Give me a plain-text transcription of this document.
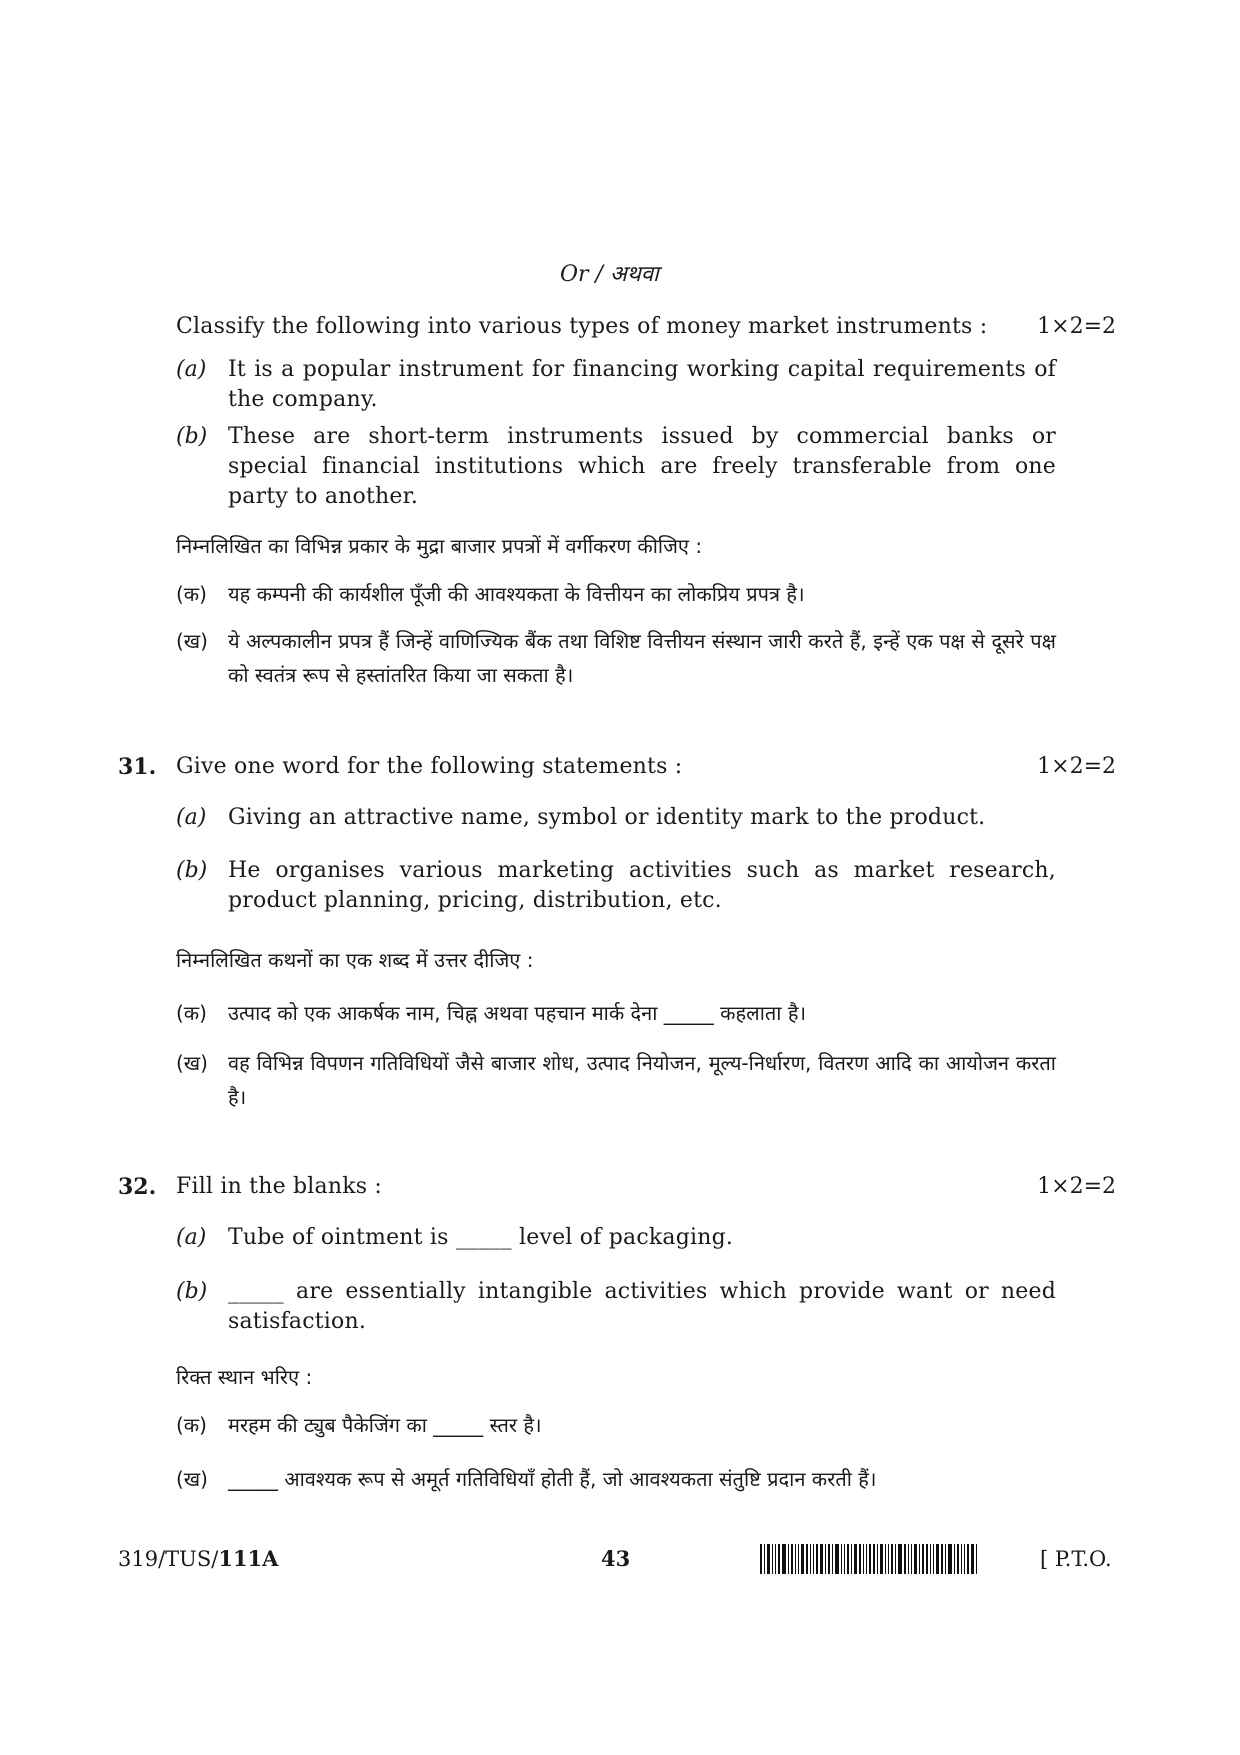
Or / अथवा
Classify the following into various types of money market instruments :	1×2=2
(a) It is a popular instrument for financing working capital requirements of the company.
(b) These are short-term instruments issued by commercial banks or special financial institutions which are freely transferable from one party to another.
निम्नलिखित का विभिन्न प्रकार के मुद्रा बाजार प्रपत्रों में वर्गीकरण कीजिए :
(क) यह कम्पनी की कार्यशील पूँजी की आवश्यकता के वित्तीयन का लोकप्रिय प्रपत्र है।
(ख) ये अल्पकालीन प्रपत्र हैं जिन्हें वाणिज्यिक बैंक तथा विशिष्ट वित्तीयन संस्थान जारी करते हैं, इन्हें एक पक्ष से दूसरे पक्ष को स्वतंत्र रूप से हस्तांतरित किया जा सकता है।
31. Give one word for the following statements :	1×2=2
(a) Giving an attractive name, symbol or identity mark to the product.
(b) He organises various marketing activities such as market research, product planning, pricing, distribution, etc.
निम्नलिखित कथनों का एक शब्द में उत्तर दीजिए :
(क) उत्पाद को एक आकर्षक नाम, चिह्न अथवा पहचान मार्क देना _____ कहलाता है।
(ख) वह विभिन्न विपणन गतिविधियों जैसे बाजार शोध, उत्पाद नियोजन, मूल्य-निर्धारण, वितरण आदि का आयोजन करता है।
32. Fill in the blanks :	1×2=2
(a) Tube of ointment is _____ level of packaging.
(b) _____ are essentially intangible activities which provide want or need satisfaction.
रिक्त स्थान भरिए :
(क) मरहम की ट्युब पैकेजिंग का _____ स्तर है।
(ख) _____ आवश्यक रूप से अमूर्त गतिविधियाँ होती हैं, जो आवश्यकता संतुष्टि प्रदान करती हैं।
319/TUS/111A	43	[ P.T.O.
